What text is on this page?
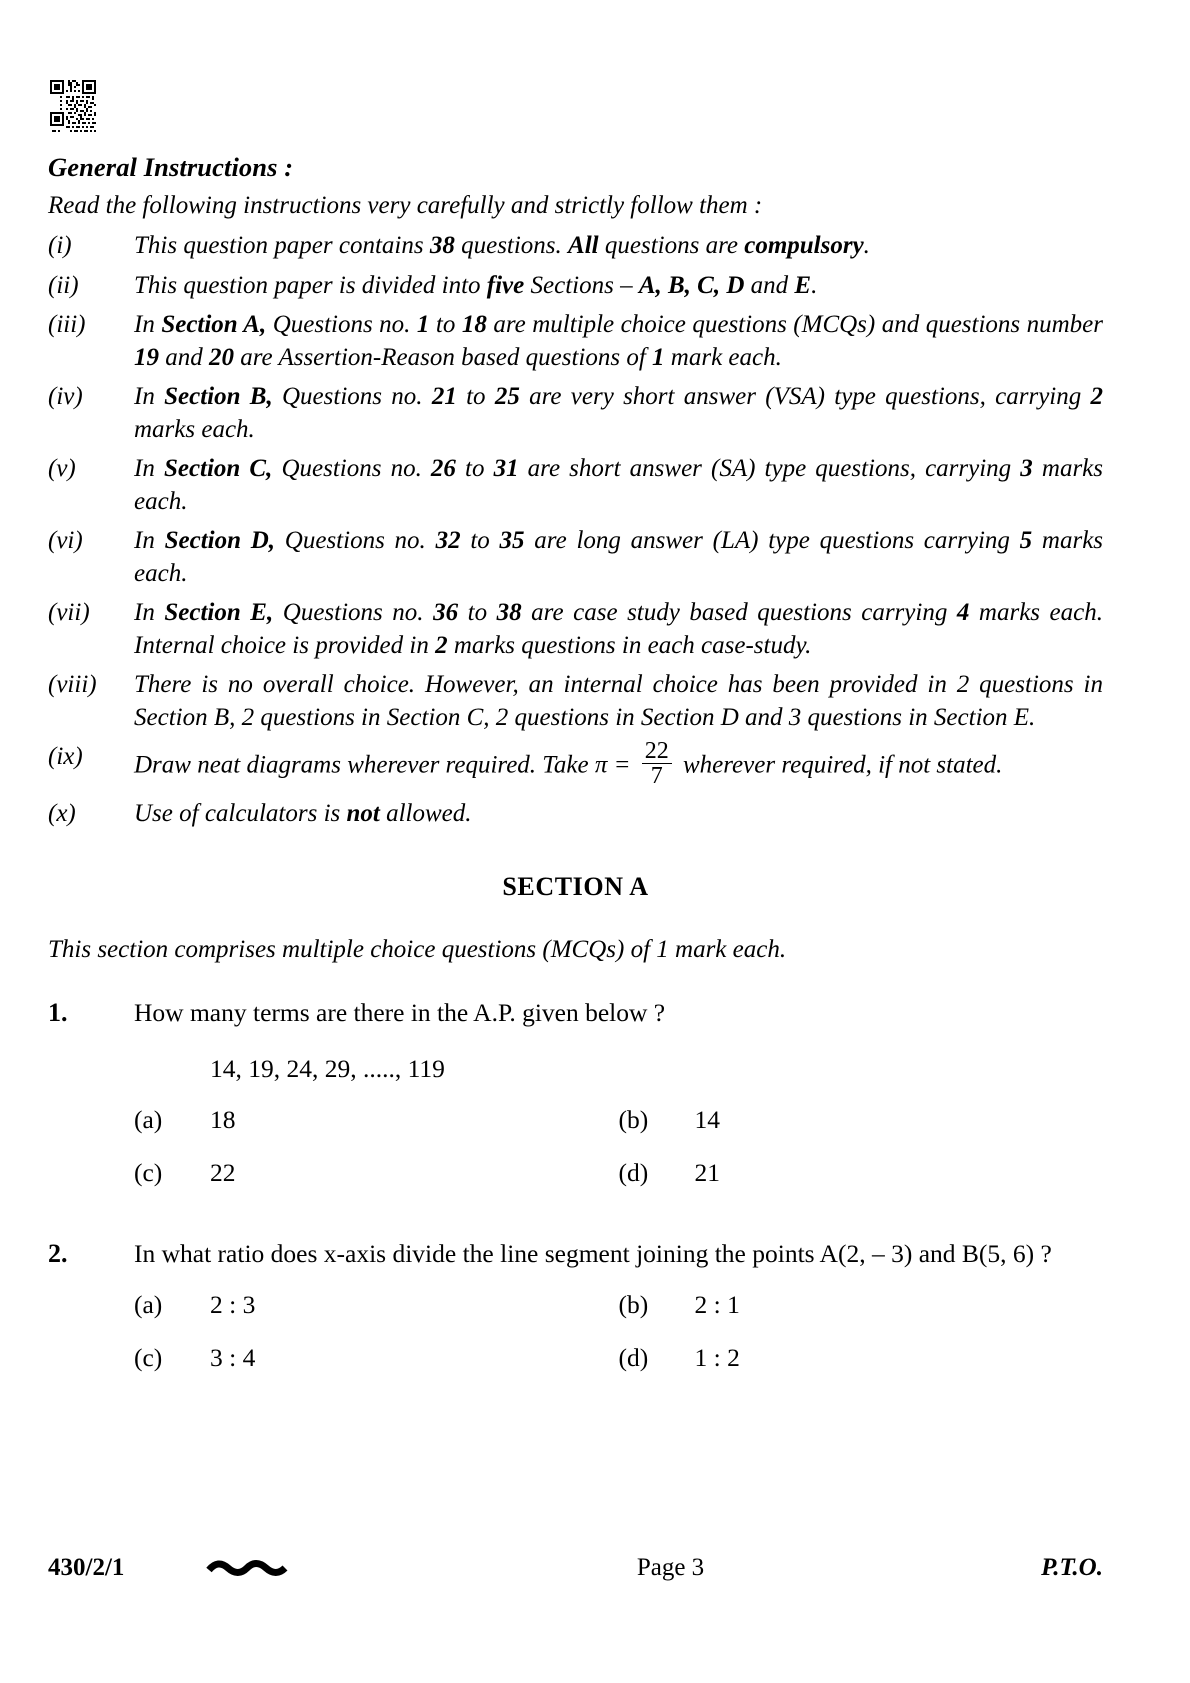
General Instructions :
Read the following instructions very carefully and strictly follow them :
(i)	This question paper contains 38 questions. All questions are compulsory.
(ii)	This question paper is divided into five Sections – A, B, C, D and E.
(iii)	In Section A, Questions no. 1 to 18 are multiple choice questions (MCQs) and questions number 19 and 20 are Assertion-Reason based questions of 1 mark each.
(iv)	In Section B, Questions no. 21 to 25 are very short answer (VSA) type questions, carrying 2 marks each.
(v)	In Section C, Questions no. 26 to 31 are short answer (SA) type questions, carrying 3 marks each.
(vi)	In Section D, Questions no. 32 to 35 are long answer (LA) type questions carrying 5 marks each.
(vii)	In Section E, Questions no. 36 to 38 are case study based questions carrying 4 marks each. Internal choice is provided in 2 marks questions in each case-study.
(viii)	There is no overall choice. However, an internal choice has been provided in 2 questions in Section B, 2 questions in Section C, 2 questions in Section D and 3 questions in Section E.
(ix)	Draw neat diagrams wherever required. Take $\pi = \frac{22}{7}$ wherever required, if not stated.
(x)	Use of calculators is not allowed.
SECTION A
This section comprises multiple choice questions (MCQs) of 1 mark each.
1.	How many terms are there in the A.P. given below ?
14, 19, 24, 29, ....., 119
(a)	18	(b)	14
(c)	22	(d)	21
2.	In what ratio does x-axis divide the line segment joining the points A(2, – 3) and B(5, 6) ?
(a)	2 : 3	(b)	2 : 1
(c)	3 : 4	(d)	1 : 2
430/2/1	Page 3	P.T.O.
